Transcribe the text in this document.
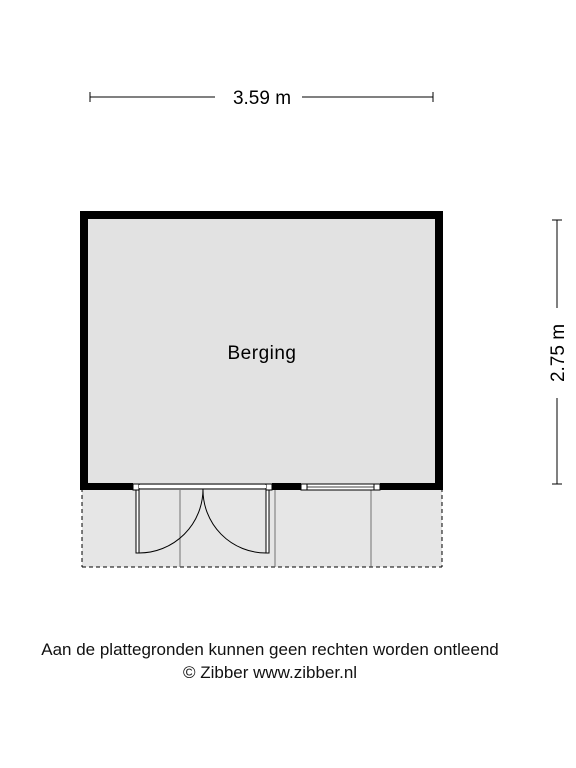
3.59 m
2.75 m
Berging
Aan de plattegronden kunnen geen rechten worden ontleend
© Zibber www.zibber.nl
